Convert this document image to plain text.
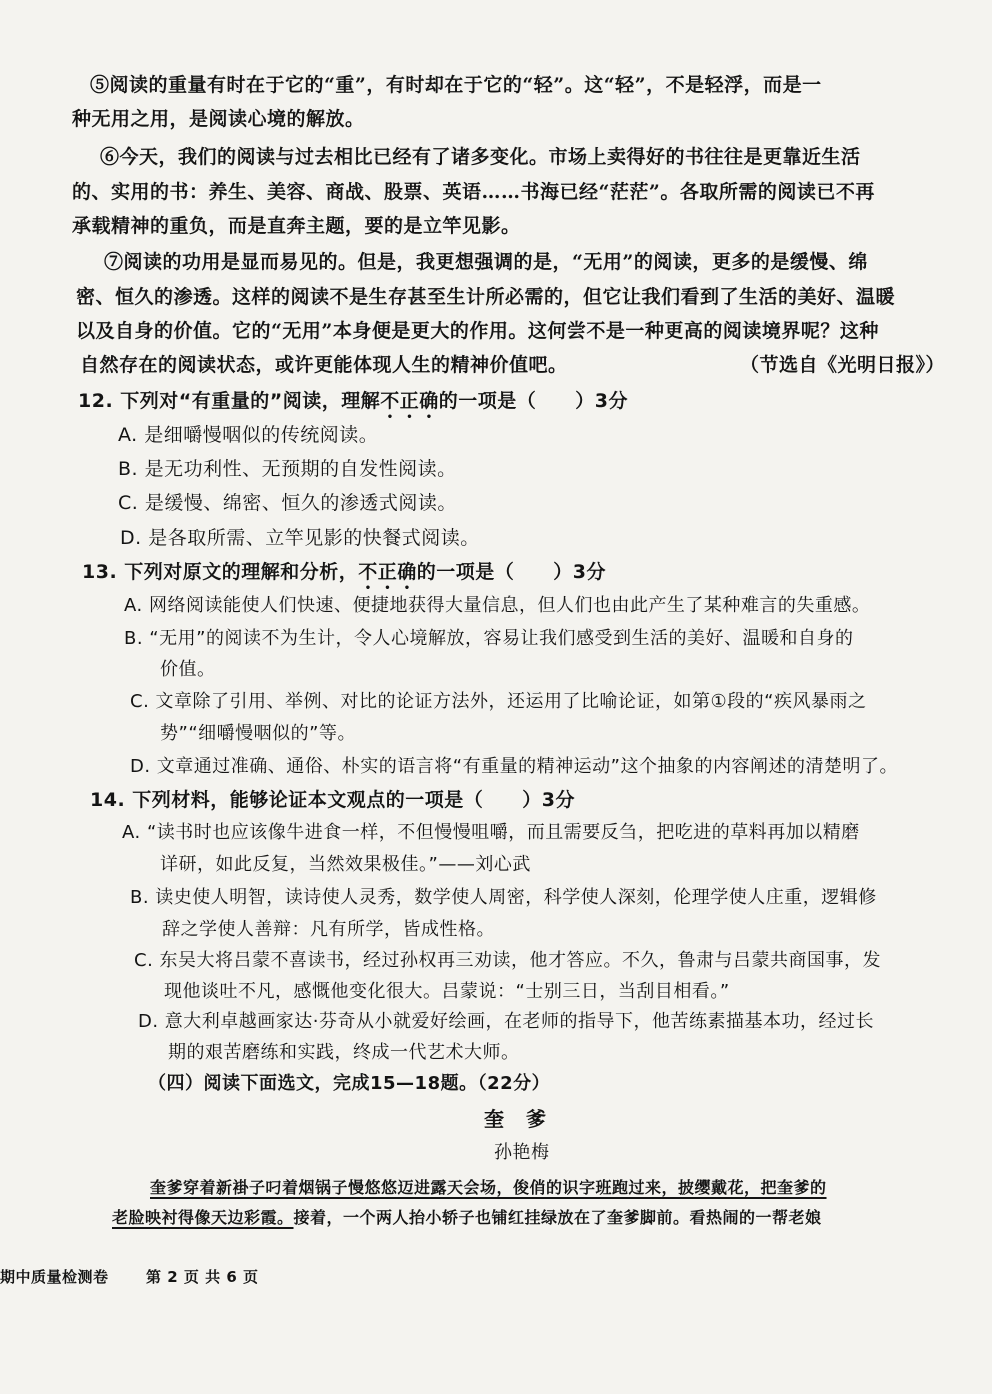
⑤阅读的重量有时在于它的“重”，有时却在于它的“轻”。这“轻”，不是轻浮，而是一
种无用之用，是阅读心境的解放。
⑥今天，我们的阅读与过去相比已经有了诸多变化。市场上卖得好的书往往是更靠近生活
的、实用的书：养生、美容、商战、股票、英语……书海已经“茫茫”。各取所需的阅读已不再
承载精神的重负，而是直奔主题，要的是立竿见影。
⑦阅读的功用是显而易见的。但是，我更想强调的是，“无用”的阅读，更多的是缓慢、绵
密、恒久的渗透。这样的阅读不是生存甚至生计所必需的，但它让我们看到了生活的美好、温暖
以及自身的价值。它的“无用”本身便是更大的作用。这何尝不是一种更高的阅读境界呢？这种
自然存在的阅读状态，或许更能体现人生的精神价值吧。	（节选自《光明日报》）
12. 下列对“有重量的”阅读，理解不正确的一项是（　　）3分
A. 是细嚼慢咽似的传统阅读。
B. 是无功利性、无预期的自发性阅读。
C. 是缓慢、绵密、恒久的渗透式阅读。
D. 是各取所需、立竿见影的快餐式阅读。
13. 下列对原文的理解和分析，不正确的一项是（　　）3分
A. 网络阅读能使人们快速、便捷地获得大量信息，但人们也由此产生了某种难言的失重感。
B. “无用”的阅读不为生计，令人心境解放，容易让我们感受到生活的美好、温暖和自身的
价值。
C. 文章除了引用、举例、对比的论证方法外，还运用了比喻论证，如第①段的“疾风暴雨之
势”“细嚼慢咽似的”等。
D. 文章通过准确、通俗、朴实的语言将“有重量的精神运动”这个抽象的内容阐述的清楚明了。
14. 下列材料，能够论证本文观点的一项是（　　）3分
A. “读书时也应该像牛进食一样，不但慢慢咀嚼，而且需要反刍，把吃进的草料再加以精磨
详研，如此反复，当然效果极佳。”——刘心武
B. 读史使人明智，读诗使人灵秀，数学使人周密，科学使人深刻，伦理学使人庄重，逻辑修
辞之学使人善辩：凡有所学，皆成性格。
C. 东吴大将吕蒙不喜读书，经过孙权再三劝读，他才答应。不久，鲁肃与吕蒙共商国事，发
现他谈吐不凡，感慨他变化很大。吕蒙说：“士别三日，当刮目相看。”
D. 意大利卓越画家达·芬奇从小就爱好绘画，在老师的指导下，他苦练素描基本功，经过长
期的艰苦磨练和实践，终成一代艺术大师。
（四）阅读下面选文，完成15—18题。（22分）
奎爹
孙艳梅
奎爹穿着新褂子叼着烟锅子慢悠悠迈进露天会场，俊俏的识字班跑过来，披缨戴花，把奎爹的
老脸映衬得像天边彩霞。接着，一个两人抬小轿子也铺红挂绿放在了奎爹脚前。看热闹的一帮老娘
期中质量检测卷 第 2 页 共 6 页
